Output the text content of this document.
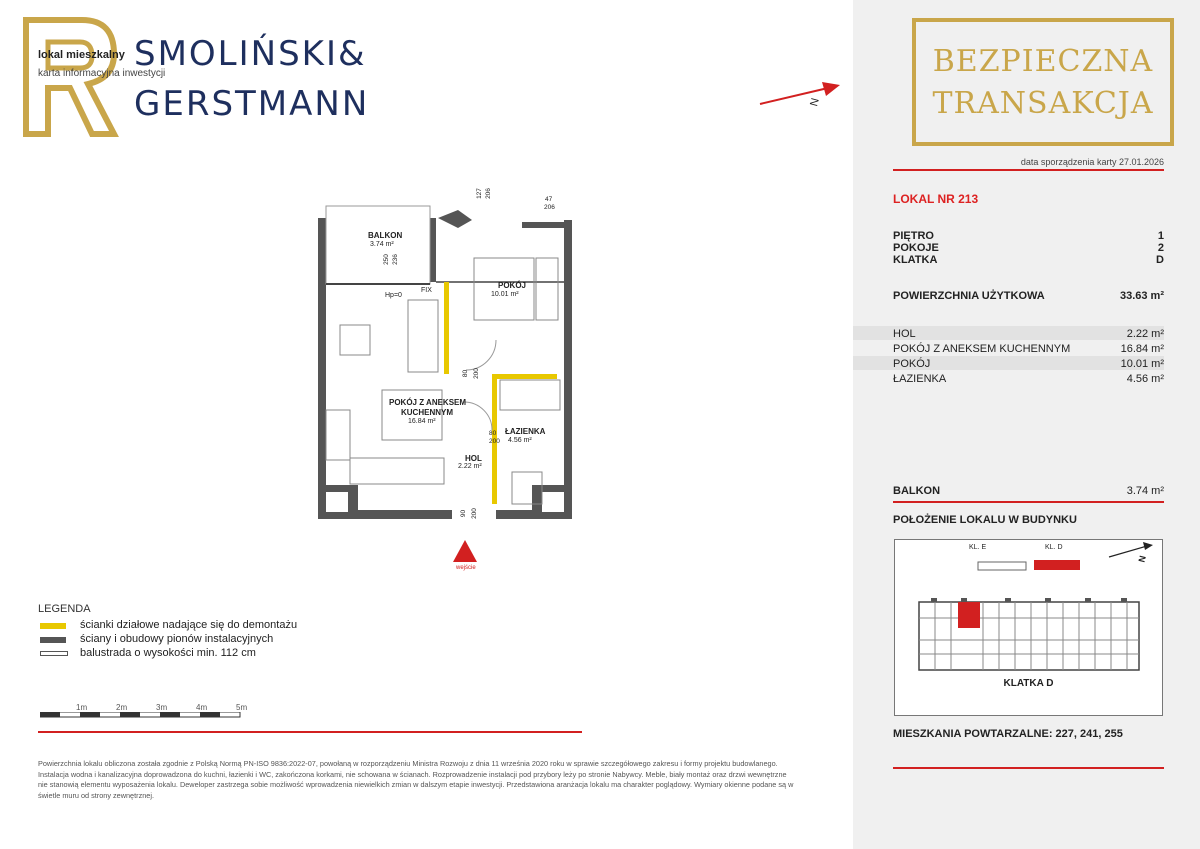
lokal mieszkalny
karta informacyjna inwestycji
SMOLIŃSKI&
GERSTMANN	N
BEZPIECZNA
TRANSAKCJA
data sporządzenia karty 27.01.2026
LOKAL NR 213
PIĘTRO	1
POKOJE	2
KLATKA	D
POWIERZCHNIA UŻYTKOWA	33.63 m²
HOL	2.22 m²
POKÓJ Z ANEKSEM KUCHENNYM	16.84 m²
POKÓJ	10.01 m²
ŁAZIENKA	4.56 m²
BALKON	3.74 m²
POŁOŻENIE LOKALU W BUDYNKU
KL. E	KL. D
N
KLATKA D
MIESZKANIA POWTARZALNE: 227, 241, 255
BALKON
3.74 m²
Hp=0
FIX
POKÓJ
10.01 m²
POKÓJ Z ANEKSEM
KUCHENNYM
16.84 m²
ŁAZIENKA
4.56 m²
HOL
2.22 m²
wejście
80
200
80 200
250 236
90 200
127 206
47
206
LEGENDA
ścianki działowe nadające się do demontażu
ściany i obudowy pionów instalacyjnych
balustrada o wysokości min. 112 cm
1m	2m	3m	4m	5m
Powierzchnia lokalu obliczona została zgodnie z Polską Normą PN-ISO 9836:2022-07, powołaną w rozporządzeniu Ministra Rozwoju z dnia 11 września 2020 roku w sprawie szczegółowego zakresu i formy projektu budowlanego. Instalacja wodna i kanalizacyjna doprowadzona do kuchni, łazienki i WC, zakończona korkami, nie schowana w ścianach. Rozprowadzenie instalacji pod przybory leży po stronie Nabywcy. Meble, biały montaż oraz drzwi wewnętrzne nie stanowią elementu wyposażenia lokalu. Deweloper zastrzega sobie możliwość wprowadzenia niewielkich zmian w dalszym etapie inwestycji. Przedstawiona aranżacja lokalu ma charakter poglądowy. Wymiary okienne podane są w świetle muru od strony zewnętrznej.
